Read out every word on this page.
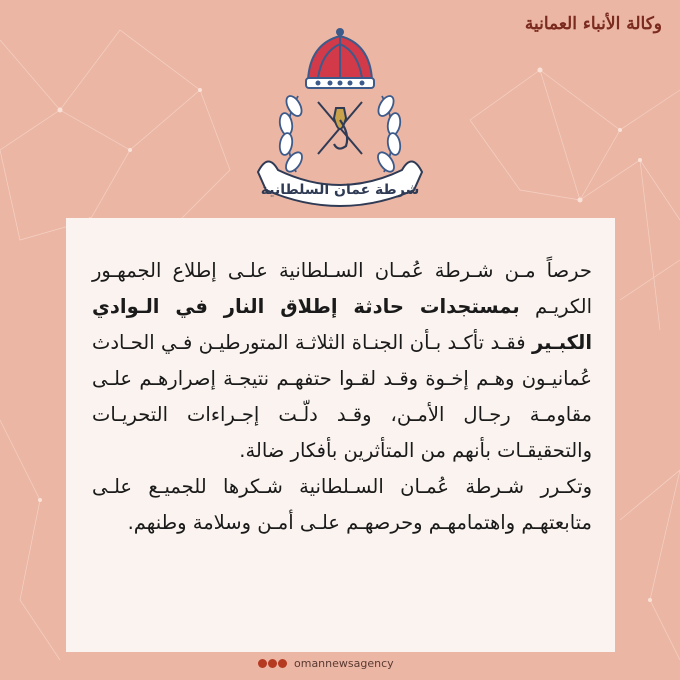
وكالة الأنباء العمانية
شرطة عمان السلطانية

حرصاً مـن شـرطة عُمـان السـلطانية علـى إطلاع الجمهـور الكريـم بمستجدات حادثة إطلاق النار في الـوادي الكبـير فقـد تأكـد بـأن الجنـاة الثلاثـة المتورطيـن فـي الحـادث عُمانيـون وهـم إخـوة وقـد لقـوا حتفهـم نتيجـة إصرارهـم علـى مقاومـة رجـال الأمـن، وقـد دلّـت إجـراءات التحريـات والتحقيقـات بأنهم من المتأثرين بأفكار ضالة.

وتكـرر شـرطة عُمـان السـلطانية شـكرها للجميـع علـى متابعتهـم واهتمامهـم وحرصهـم علـى أمـن وسلامة وطنهم.

omannewsagency
